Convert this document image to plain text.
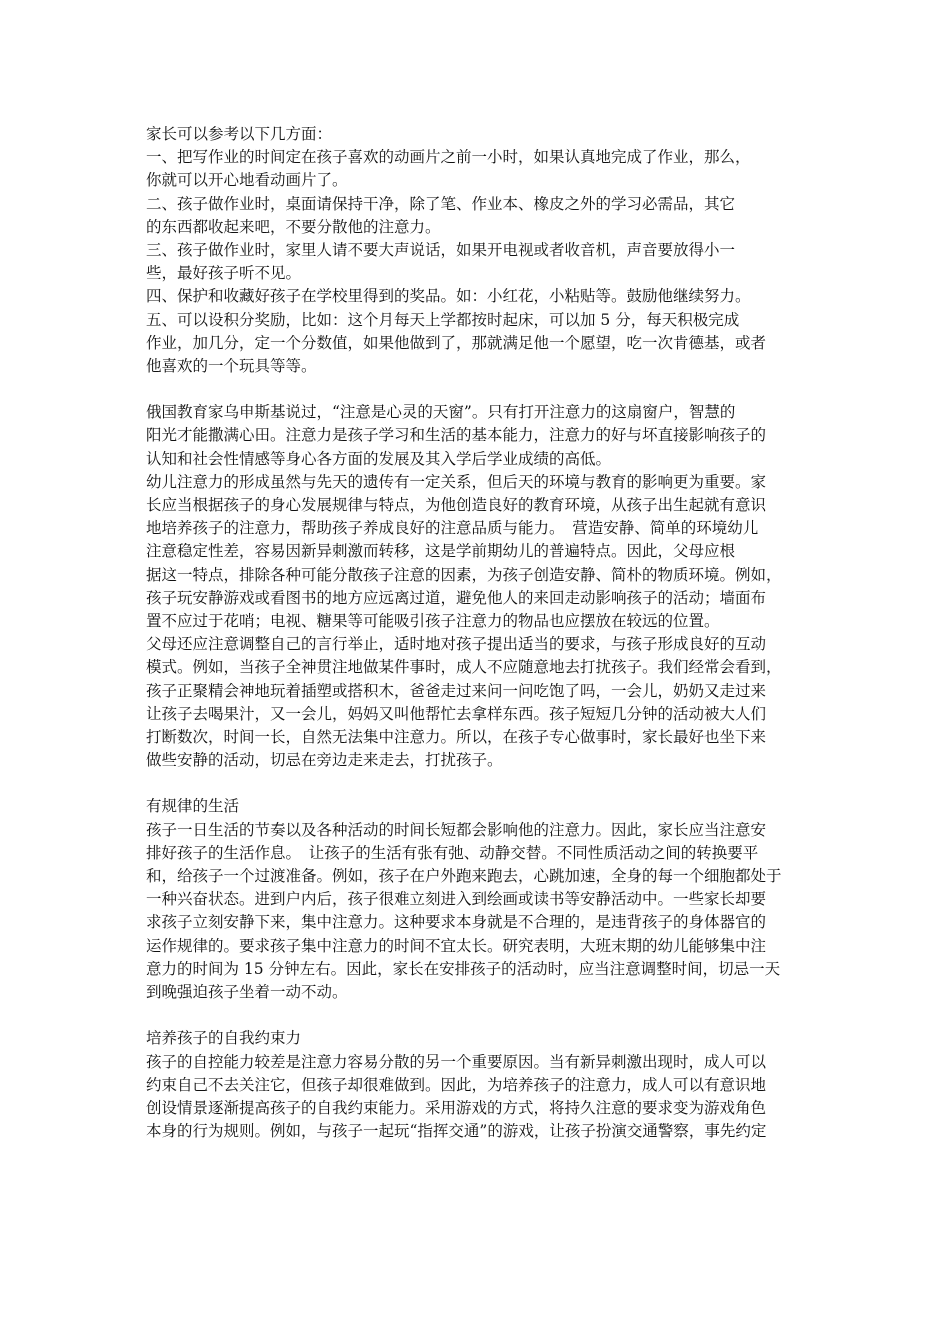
家长可以参考以下几方面：
一、把写作业的时间定在孩子喜欢的动画片之前一小时，如果认真地完成了作业，那么，
你就可以开心地看动画片了。
二、孩子做作业时，桌面请保持干净，除了笔、作业本、橡皮之外的学习必需品，其它
的东西都收起来吧，不要分散他的注意力。
三、孩子做作业时，家里人请不要大声说话，如果开电视或者收音机，声音要放得小一
些，最好孩子听不见。
四、保护和收藏好孩子在学校里得到的奖品。如：小红花，小粘贴等。鼓励他继续努力。
五、可以设积分奖励，比如：这个月每天上学都按时起床，可以加 5 分，每天积极完成
作业，加几分，定一个分数值，如果他做到了，那就满足他一个愿望，吃一次肯德基，或者
他喜欢的一个玩具等等。
俄国教育家乌申斯基说过，“注意是心灵的天窗”。只有打开注意力的这扇窗户，智慧的
阳光才能撒满心田。注意力是孩子学习和生活的基本能力，注意力的好与坏直接影响孩子的
认知和社会性情感等身心各方面的发展及其入学后学业成绩的高低。
幼儿注意力的形成虽然与先天的遗传有一定关系，但后天的环境与教育的影响更为重要。家
长应当根据孩子的身心发展规律与特点，为他创造良好的教育环境，从孩子出生起就有意识
地培养孩子的注意力，帮助孩子养成良好的注意品质与能力。　营造安静、简单的环境幼儿
注意稳定性差，容易因新异刺激而转移，这是学前期幼儿的普遍特点。因此，父母应根
据这一特点，排除各种可能分散孩子注意的因素，为孩子创造安静、简朴的物质环境。例如，
孩子玩安静游戏或看图书的地方应远离过道，避免他人的来回走动影响孩子的活动；墙面布
置不应过于花哨；电视、糖果等可能吸引孩子注意力的物品也应摆放在较远的位置。
父母还应注意调整自己的言行举止，适时地对孩子提出适当的要求，与孩子形成良好的互动
模式。例如，当孩子全神贯注地做某件事时，成人不应随意地去打扰孩子。我们经常会看到，
孩子正聚精会神地玩着插塑或搭积木，爸爸走过来问一问吃饱了吗，一会儿，奶奶又走过来
让孩子去喝果汁，又一会儿，妈妈又叫他帮忙去拿样东西。孩子短短几分钟的活动被大人们
打断数次，时间一长，自然无法集中注意力。所以，在孩子专心做事时，家长最好也坐下来
做些安静的活动，切忌在旁边走来走去，打扰孩子。
有规律的生活
孩子一日生活的节奏以及各种活动的时间长短都会影响他的注意力。因此，家长应当注意安
排好孩子的生活作息。　让孩子的生活有张有弛、动静交替。不同性质活动之间的转换要平
和，给孩子一个过渡准备。例如，孩子在户外跑来跑去，心跳加速，全身的每一个细胞都处于
一种兴奋状态。进到户内后，孩子很难立刻进入到绘画或读书等安静活动中。一些家长却要
求孩子立刻安静下来，集中注意力。这种要求本身就是不合理的，是违背孩子的身体器官的
运作规律的。要求孩子集中注意力的时间不宜太长。研究表明，大班末期的幼儿能够集中注
意力的时间为 15 分钟左右。因此，家长在安排孩子的活动时，应当注意调整时间，切忌一天
到晚强迫孩子坐着一动不动。
培养孩子的自我约束力
孩子的自控能力较差是注意力容易分散的另一个重要原因。当有新异刺激出现时，成人可以
约束自己不去关注它，但孩子却很难做到。因此，为培养孩子的注意力，成人可以有意识地
创设情景逐渐提高孩子的自我约束能力。采用游戏的方式，将持久注意的要求变为游戏角色
本身的行为规则。例如，与孩子一起玩“指挥交通”的游戏，让孩子扮演交通警察，事先约定
